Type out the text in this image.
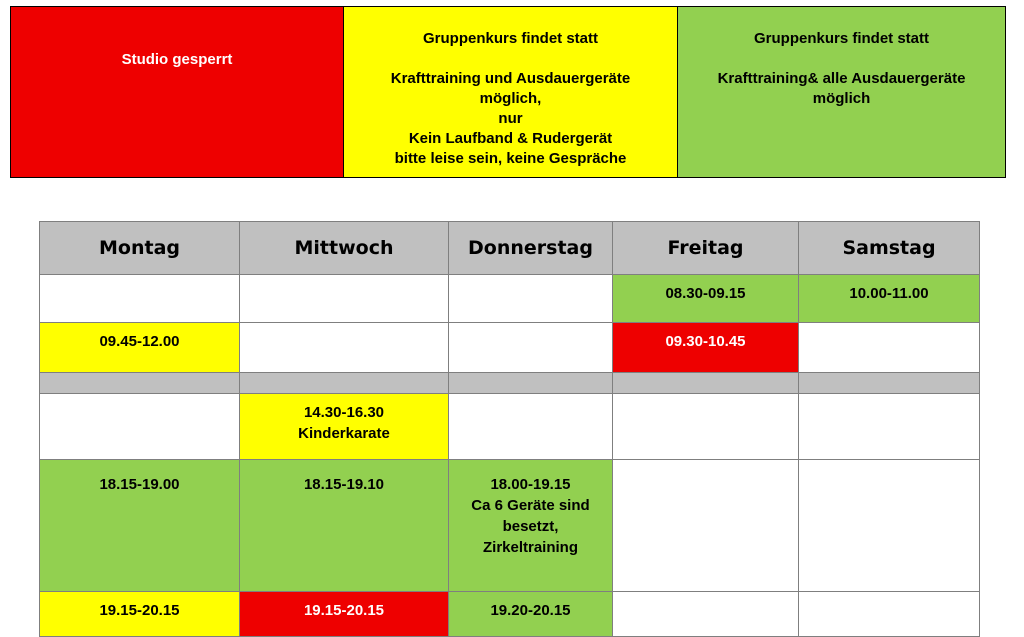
Studio gesperrt
Gruppenkurs findet statt

Krafttraining und Ausdauergeräte
möglich,
nur
Kein Laufband & Rudergerät
bitte leise sein, keine Gespräche
Gruppenkurs findet statt

Krafttraining& alle Ausdauergeräte
möglich
Montag	Mittwoch	Donnerstag	Freitag	Samstag
			08.30-09.15	10.00-11.00
09.45-12.00			09.30-10.45	

	14.30-16.30
Kinderkarate			
18.15-19.00	18.15-19.10	18.00-19.15
Ca 6 Geräte sind
besetzt,
Zirkeltraining		
19.15-20.15	19.15-20.15	19.20-20.15		
